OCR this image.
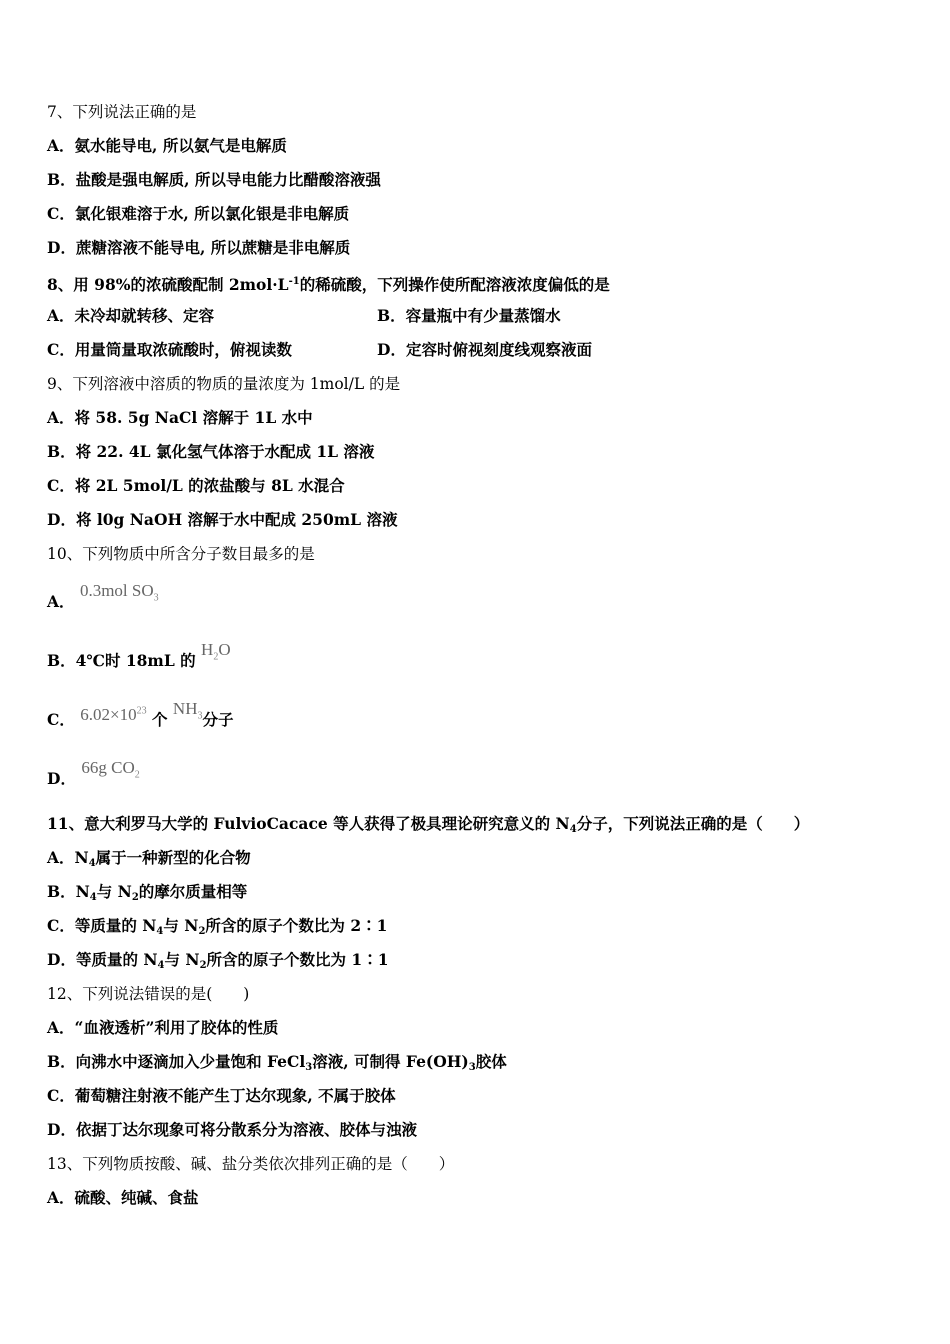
7、下列说法正确的是
A．氨水能导电, 所以氨气是电解质
B．盐酸是强电解质, 所以导电能力比醋酸溶液强
C．氯化银难溶于水, 所以氯化银是非电解质
D．蔗糖溶液不能导电, 所以蔗糖是非电解质
8、用 98%的浓硫酸配制 $2mol\cdot L^{-1}$的稀硫酸，下列操作使所配溶液浓度偏低的是
A．未冷却就转移、定容	B．容量瓶中有少量蒸馏水
C．用量筒量取浓硫酸时，俯视读数	D．定容时俯视刻度线观察液面
9、下列溶液中溶质的物质的量浓度为 1mol/L 的是
A．将 58. 5g NaCl 溶解于 1L 水中
B．将 22. 4L 氯化氢气体溶于水配成 1L 溶液
C．将 2L 5mol/L 的浓盐酸与 8L 水混合
D．将 l0g NaOH 溶解于水中配成 250mL 溶液
10、下列物质中所含分子数目最多的是
A． 0.3mol $SO_3$
B．4℃时 18mL 的 $H_2O$
C． $6.02\times 10^{23}$ 个 $NH_3$分子
D． 66g $CO_2$
11、意大利罗马大学的 FulvioCacace 等人获得了极具理论研究意义的 $N_4$分子，下列说法正确的是（　　）
A．$N_4$属于一种新型的化合物
B．$N_4$与 $N_2$的摩尔质量相等
C．等质量的 $N_4$与 $N_2$所含的原子个数比为 2∶1
D．等质量的 $N_4$与 $N_2$所含的原子个数比为 1∶1
12、下列说法错误的是(　　)
A．“血液透析”利用了胶体的性质
B．向沸水中逐滴加入少量饱和 FeCl$_3$溶液, 可制得 $Fe(OH)_3$胶体
C．葡萄糖注射液不能产生丁达尔现象, 不属于胶体
D．依据丁达尔现象可将分散系分为溶液、胶体与浊液
13、下列物质按酸、碱、盐分类依次排列正确的是（　　）
A．硫酸、纯碱、食盐
